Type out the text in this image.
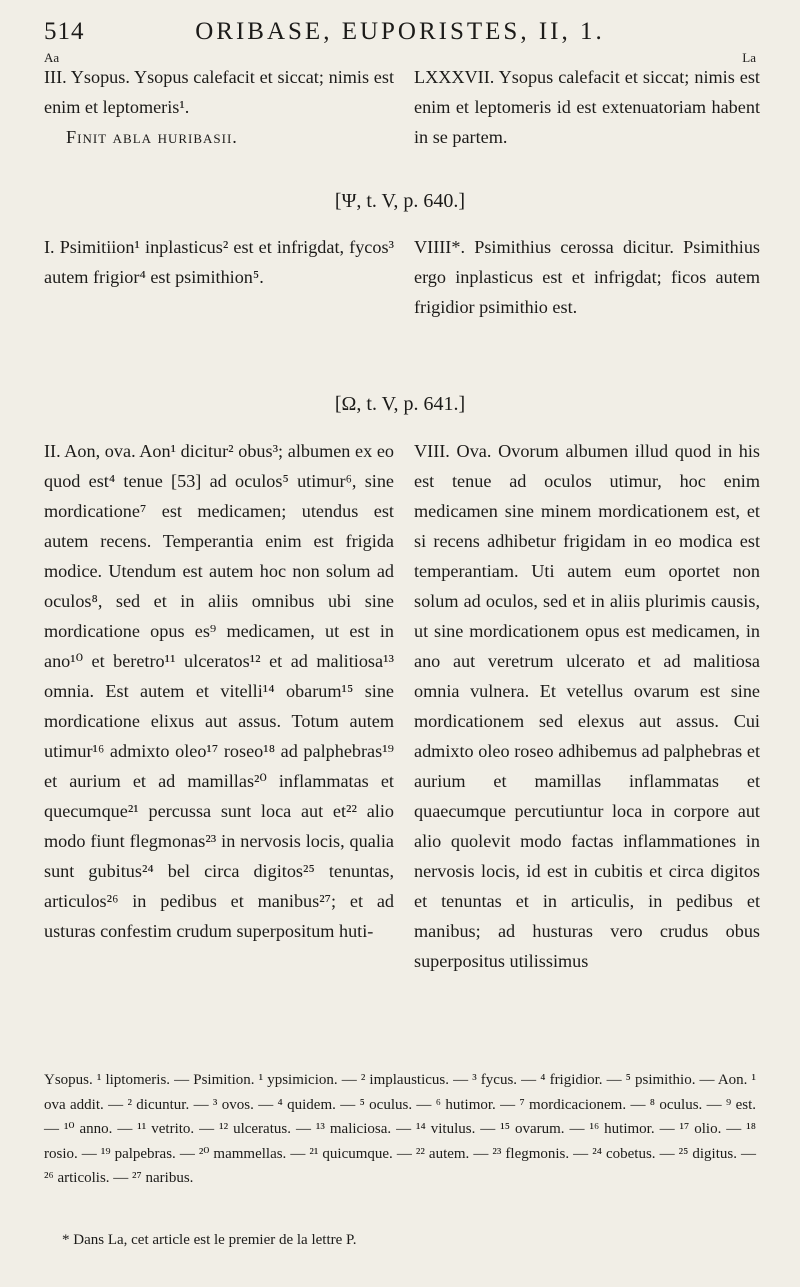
514	ORIBASE, EUPORISTES, II, 1.
Aa	La
III. Ysopus. Ysopus calefacit et siccat; nimis est enim et leptomeris¹.
Finit abla huribasii.
LXXXVII. Ysopus calefacit et siccat; nimis est enim et leptomeris id est extenuatoriam habent in se partem.
[Ψ, t. V, p. 640.]
I. Psimitiion¹ inplasticus² est et infrigdat, fycos³ autem frigior⁴ est psimithion⁵.
VIIII*. Psimithius cerossa dicitur. Psimithius ergo inplasticus est et infrigdat; ficos autem frigidior psimithio est.
[Ω, t. V, p. 641.]
II. Aon, ova. Aon¹ dicitur² obus³; albumen ex eo quod est⁴ tenue [53] ad oculos⁵ utimur⁶, sine mordicatione⁷ est medicamen; utendus est autem recens. Temperantia enim est frigida modice. Utendum est autem hoc non solum ad oculos⁸, sed et in aliis omnibus ubi sine mordicatione opus es⁹ medicamen, ut est in ano¹⁰ et beretro¹¹ ulceratos¹² et ad malitiosa¹³ omnia. Est autem et vitelli¹⁴ obarum¹⁵ sine mordicatione elixus aut assus. Totum autem utimur¹⁶ admixto oleo¹⁷ roseo¹⁸ ad palphebras¹⁹ et aurium et ad mamillas²⁰ inflammatas et quecumque²¹ percussa sunt loca aut et²² alio modo fiunt flegmonas²³ in nervosis locis, qualia sunt gubitus²⁴ bel circa digitos²⁵ tenuntas, articulos²⁶ in pedibus et manibus²⁷; et ad usturas confestim crudum superpositum huti-
VIII. Ova. Ovorum albumen illud quod in his est tenue ad oculos utimur, hoc enim medicamen sine minem mordicationem est, et si recens adhibetur frigidam in eo modica est temperantiam. Uti autem eum oportet non solum ad oculos, sed et in aliis plurimis causis, ut sine mordicationem opus est medicamen, in ano aut veretrum ulcerato et ad malitiosa omnia vulnera. Et vetellus ovarum est sine mordicationem sed elexus aut assus. Cui admixto oleo roseo adhibemus ad palphebras et aurium et mamillas inflammatas et quaecumque percutiuntur loca in corpore aut alio quolevit modo factas inflammationes in nervosis locis, id est in cubitis et circa digitos et tenuntas et in articulis, in pedibus et manibus; ad husturas vero crudus obus superpositus utilissimus
Ysopus. ¹ liptomeris. — Psimition. ¹ ypsimicion. — ² implausticus. — ³ fycus. — ⁴ frigidior. — ⁵ psimithio. — Aon. ¹ ova addit. — ² dicuntur. — ³ ovos. — ⁴ quidem. — ⁵ oculus. — ⁶ hutimor. — ⁷ mordicacionem. — ⁸ oculus. — ⁹ est. — ¹⁰ anno. — ¹¹ vetrito. — ¹² ulceratus. — ¹³ maliciosa. — ¹⁴ vitulus. — ¹⁵ ovarum. — ¹⁶ hutimor. — ¹⁷ olio. — ¹⁸ rosio. — ¹⁹ palpebras. — ²⁰ mammellas. — ²¹ quicumque. — ²² autem. — ²³ flegmonis. — ²⁴ cobetus. — ²⁵ digitus. — ²⁶ articolis. — ²⁷ naribus.
* Dans La, cet article est le premier de la lettre P.
